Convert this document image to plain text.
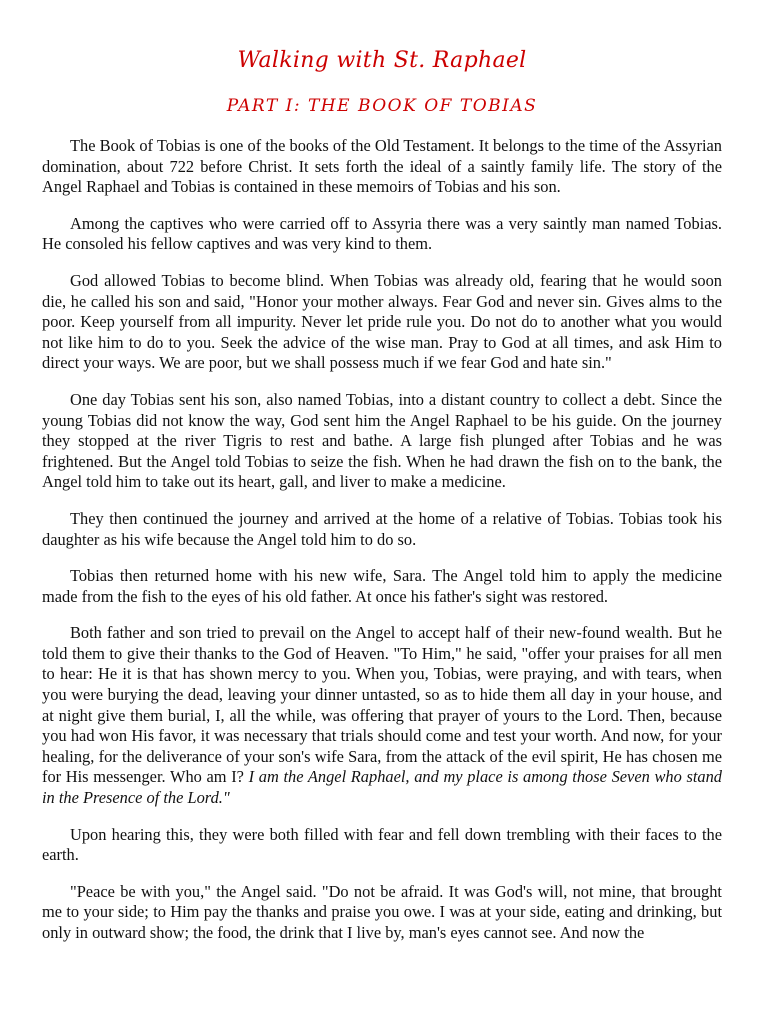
Walking with St. Raphael
PART I: THE BOOK OF TOBIAS

The Book of Tobias is one of the books of the Old Testament. It belongs to the time of the Assyrian domination, about 722 before Christ. It sets forth the ideal of a saintly family life. The story of the Angel Raphael and Tobias is contained in these memoirs of Tobias and his son.

Among the captives who were carried off to Assyria there was a very saintly man named Tobias. He consoled his fellow captives and was very kind to them.

God allowed Tobias to become blind. When Tobias was already old, fearing that he would soon die, he called his son and said, "Honor your mother always. Fear God and never sin. Gives alms to the poor. Keep yourself from all impurity. Never let pride rule you. Do not do to another what you would not like him to do to you. Seek the advice of the wise man. Pray to God at all times, and ask Him to direct your ways. We are poor, but we shall possess much if we fear God and hate sin."

One day Tobias sent his son, also named Tobias, into a distant country to collect a debt. Since the young Tobias did not know the way, God sent him the Angel Raphael to be his guide. On the journey they stopped at the river Tigris to rest and bathe. A large fish plunged after Tobias and he was frightened. But the Angel told Tobias to seize the fish. When he had drawn the fish on to the bank, the Angel told him to take out its heart, gall, and liver to make a medicine.

They then continued the journey and arrived at the home of a relative of Tobias. Tobias took his daughter as his wife because the Angel told him to do so.

Tobias then returned home with his new wife, Sara. The Angel told him to apply the medicine made from the fish to the eyes of his old father. At once his father's sight was restored.

Both father and son tried to prevail on the Angel to accept half of their new-found wealth. But he told them to give their thanks to the God of Heaven. "To Him," he said, "offer your praises for all men to hear: He it is that has shown mercy to you. When you, Tobias, were praying, and with tears, when you were burying the dead, leaving your dinner untasted, so as to hide them all day in your house, and at night give them burial, I, all the while, was offering that prayer of yours to the Lord. Then, because you had won His favor, it was necessary that trials should come and test your worth. And now, for your healing, for the deliverance of your son's wife Sara, from the attack of the evil spirit, He has chosen me for His messenger. Who am I? I am the Angel Raphael, and my place is among those Seven who stand in the Presence of the Lord."

Upon hearing this, they were both filled with fear and fell down trembling with their faces to the earth.

"Peace be with you," the Angel said. "Do not be afraid. It was God's will, not mine, that brought me to your side; to Him pay the thanks and praise you owe. I was at your side, eating and drinking, but only in outward show; the food, the drink that I live by, man's eyes cannot see. And now the
